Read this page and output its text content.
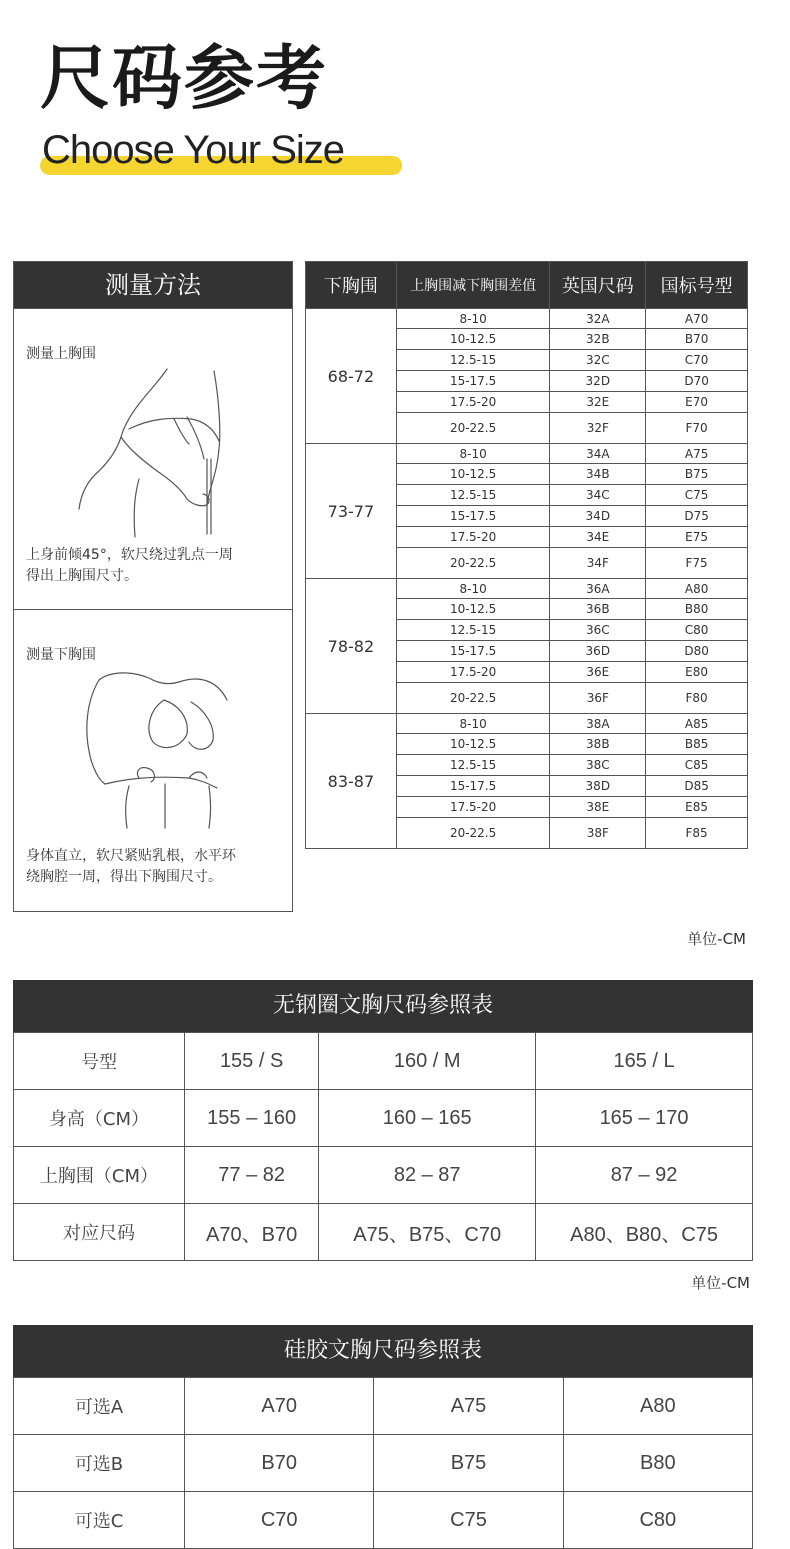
尺码参考
Choose Your Size
测量方法
测量上胸围
上身前倾45°，软尺绕过乳点一周
得出上胸围尺寸。
测量下胸围
身体直立，软尺紧贴乳根，水平环
绕胸腔一周，得出下胸围尺寸。
下胸围	上胸围减下胸围差值	英国尺码	国标号型
68-72	8-10	32A	A70
	10-12.5	32B	B70
	12.5-15	32C	C70
	15-17.5	32D	D70
	17.5-20	32E	E70
	20-22.5	32F	F70
73-77	8-10	34A	A75
	10-12.5	34B	B75
	12.5-15	34C	C75
	15-17.5	34D	D75
	17.5-20	34E	E75
	20-22.5	34F	F75
78-82	8-10	36A	A80
	10-12.5	36B	B80
	12.5-15	36C	C80
	15-17.5	36D	D80
	17.5-20	36E	E80
	20-22.5	36F	F80
83-87	8-10	38A	A85
	10-12.5	38B	B85
	12.5-15	38C	C85
	15-17.5	38D	D85
	17.5-20	38E	E85
	20-22.5	38F	F85
单位-CM
无钢圈文胸尺码参照表
号型	155 / S	160 / M	165 / L
身高（CM）	155 – 160	160 – 165	165 – 170
上胸围（CM）	77 – 82	82 – 87	87 – 92
对应尺码	A70、B70	A75、B75、C70	A80、B80、C75
单位-CM
硅胶文胸尺码参照表
可选A	A70	A75	A80
可选B	B70	B75	B80
可选C	C70	C75	C80
